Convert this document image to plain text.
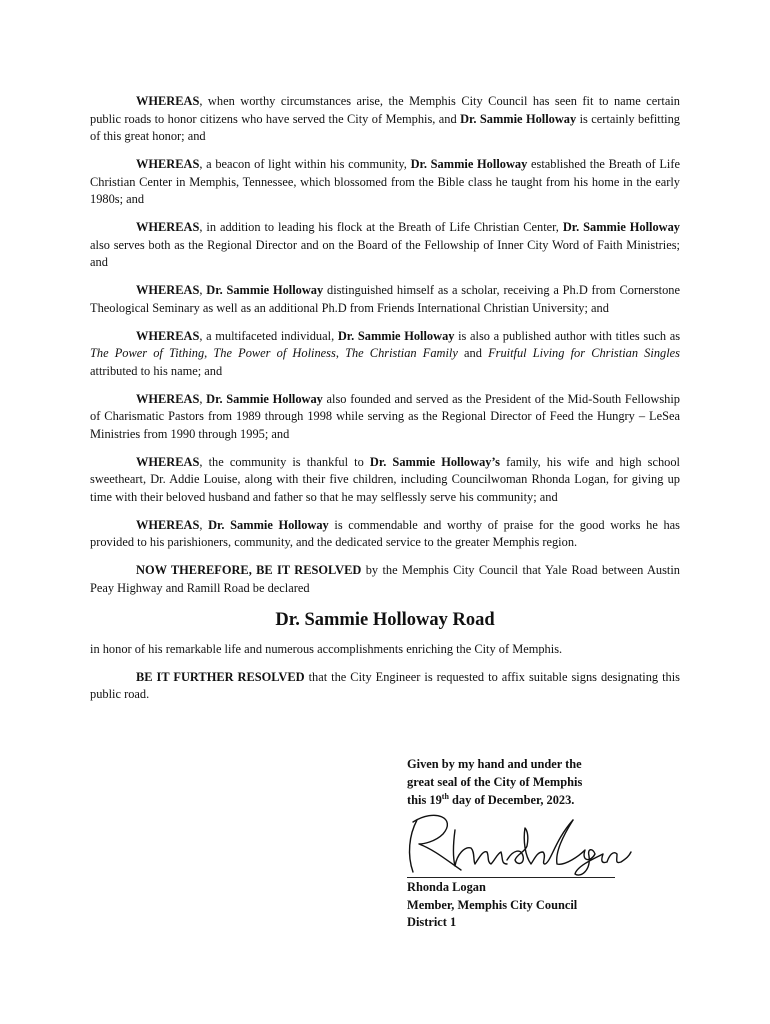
WHEREAS, when worthy circumstances arise, the Memphis City Council has seen fit to name certain public roads to honor citizens who have served the City of Memphis, and Dr. Sammie Holloway is certainly befitting of this great honor; and

WHEREAS, a beacon of light within his community, Dr. Sammie Holloway established the Breath of Life Christian Center in Memphis, Tennessee, which blossomed from the Bible class he taught from his home in the early 1980s; and

WHEREAS, in addition to leading his flock at the Breath of Life Christian Center, Dr. Sammie Holloway also serves both as the Regional Director and on the Board of the Fellowship of Inner City Word of Faith Ministries; and

WHEREAS, Dr. Sammie Holloway distinguished himself as a scholar, receiving a Ph.D from Cornerstone Theological Seminary as well as an additional Ph.D from Friends International Christian University; and

WHEREAS, a multifaceted individual, Dr. Sammie Holloway is also a published author with titles such as The Power of Tithing, The Power of Holiness, The Christian Family and Fruitful Living for Christian Singles attributed to his name; and

WHEREAS, Dr. Sammie Holloway also founded and served as the President of the Mid-South Fellowship of Charismatic Pastors from 1989 through 1998 while serving as the Regional Director of Feed the Hungry – LeSea Ministries from 1990 through 1995; and

WHEREAS, the community is thankful to Dr. Sammie Holloway’s family, his wife and high school sweetheart, Dr. Addie Louise, along with their five children, including Councilwoman Rhonda Logan, for giving up time with their beloved husband and father so that he may selflessly serve his community; and

WHEREAS, Dr. Sammie Holloway is commendable and worthy of praise for the good works he has provided to his parishioners, community, and the dedicated service to the greater Memphis region.

NOW THEREFORE, BE IT RESOLVED by the Memphis City Council that Yale Road between Austin Peay Highway and Ramill Road be declared

Dr. Sammie Holloway Road

in honor of his remarkable life and numerous accomplishments enriching the City of Memphis.

BE IT FURTHER RESOLVED that the City Engineer is requested to affix suitable signs designating this public road.

Given by my hand and under the

great seal of the City of Memphis

this 19th day of December, 2023.

Rhonda Logan
Member, Memphis City Council
District 1
